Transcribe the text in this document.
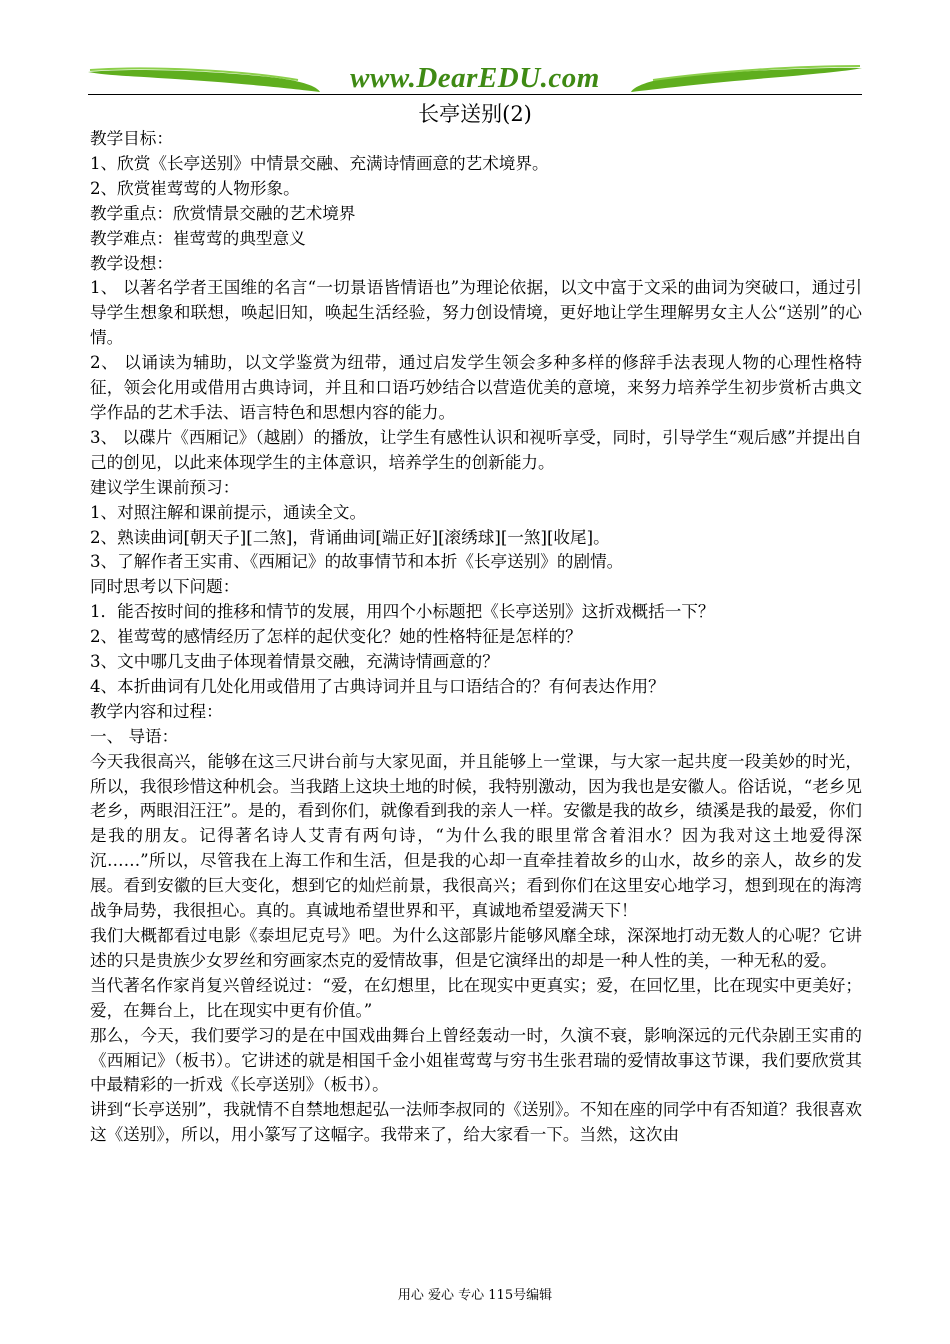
www.DearEDU.com
长亭送别(2)

教学目标：

1、欣赏《长亭送别》中情景交融、充满诗情画意的艺术境界。

2、欣赏崔莺莺的人物形象。

教学重点：欣赏情景交融的艺术境界

教学难点：崔莺莺的典型意义

教学设想：

1、 以著名学者王国维的名言“一切景语皆情语也”为理论依据，以文中富于文采的曲词为突破口，通过引导学生想象和联想，唤起旧知，唤起生活经验，努力创设情境，更好地让学生理解男女主人公“送别”的心情。

2、 以诵读为辅助，以文学鉴赏为纽带，通过启发学生领会多种多样的修辞手法表现人物的心理性格特征，领会化用或借用古典诗词，并且和口语巧妙结合以营造优美的意境，来努力培养学生初步赏析古典文学作品的艺术手法、语言特色和思想内容的能力。

3、 以碟片《西厢记》（越剧）的播放，让学生有感性认识和视听享受，同时，引导学生“观后感”并提出自己的创见，以此来体现学生的主体意识，培养学生的创新能力。

建议学生课前预习：

1、对照注解和课前提示，通读全文。

2、熟读曲词[朝天子][二煞]，背诵曲词[端正好][滚绣球][一煞][收尾]。

3、了解作者王实甫、《西厢记》的故事情节和本折《长亭送别》的剧情。

同时思考以下问题：

1．能否按时间的推移和情节的发展，用四个小标题把《长亭送别》这折戏概括一下？

2、崔莺莺的感情经历了怎样的起伏变化？她的性格特征是怎样的？

3、文中哪几支曲子体现着情景交融，充满诗情画意的？

4、本折曲词有几处化用或借用了古典诗词并且与口语结合的？有何表达作用？

教学内容和过程：

一、 导语：

今天我很高兴，能够在这三尺讲台前与大家见面，并且能够上一堂课，与大家一起共度一段美妙的时光，所以，我很珍惜这种机会。当我踏上这块土地的时候，我特别激动，因为我也是安徽人。俗话说，“老乡见老乡，两眼泪汪汪”。是的，看到你们，就像看到我的亲人一样。安徽是我的故乡，绩溪是我的最爱，你们是我的朋友。记得著名诗人艾青有两句诗，“为什么我的眼里常含着泪水？因为我对这土地爱得深沉……”所以，尽管我在上海工作和生活，但是我的心却一直牵挂着故乡的山水，故乡的亲人，故乡的发展。看到安徽的巨大变化，想到它的灿烂前景，我很高兴；看到你们在这里安心地学习，想到现在的海湾战争局势，我很担心。真的。真诚地希望世界和平，真诚地希望爱满天下！

我们大概都看过电影《泰坦尼克号》吧。为什么这部影片能够风靡全球，深深地打动无数人的心呢？它讲述的只是贵族少女罗丝和穷画家杰克的爱情故事，但是它演绎出的却是一种人性的美，一种无私的爱。

当代著名作家肖复兴曾经说过：“爱，在幻想里，比在现实中更真实；爱，在回忆里，比在现实中更美好； 爱，在舞台上，比在现实中更有价值。”

那么，今天，我们要学习的是在中国戏曲舞台上曾经轰动一时，久演不衰，影响深远的元代杂剧王实甫的《西厢记》（板书）。它讲述的就是相国千金小姐崔莺莺与穷书生张君瑞的爱情故事这节课，我们要欣赏其中最精彩的一折戏《长亭送别》（板书）。

讲到“长亭送别”，我就情不自禁地想起弘一法师李叔同的《送别》。不知在座的同学中有否知道？我很喜欢这《送别》，所以，用小篆写了这幅字。我带来了，给大家看一下。当然，这次由

用心 爱心 专心 115号编辑
